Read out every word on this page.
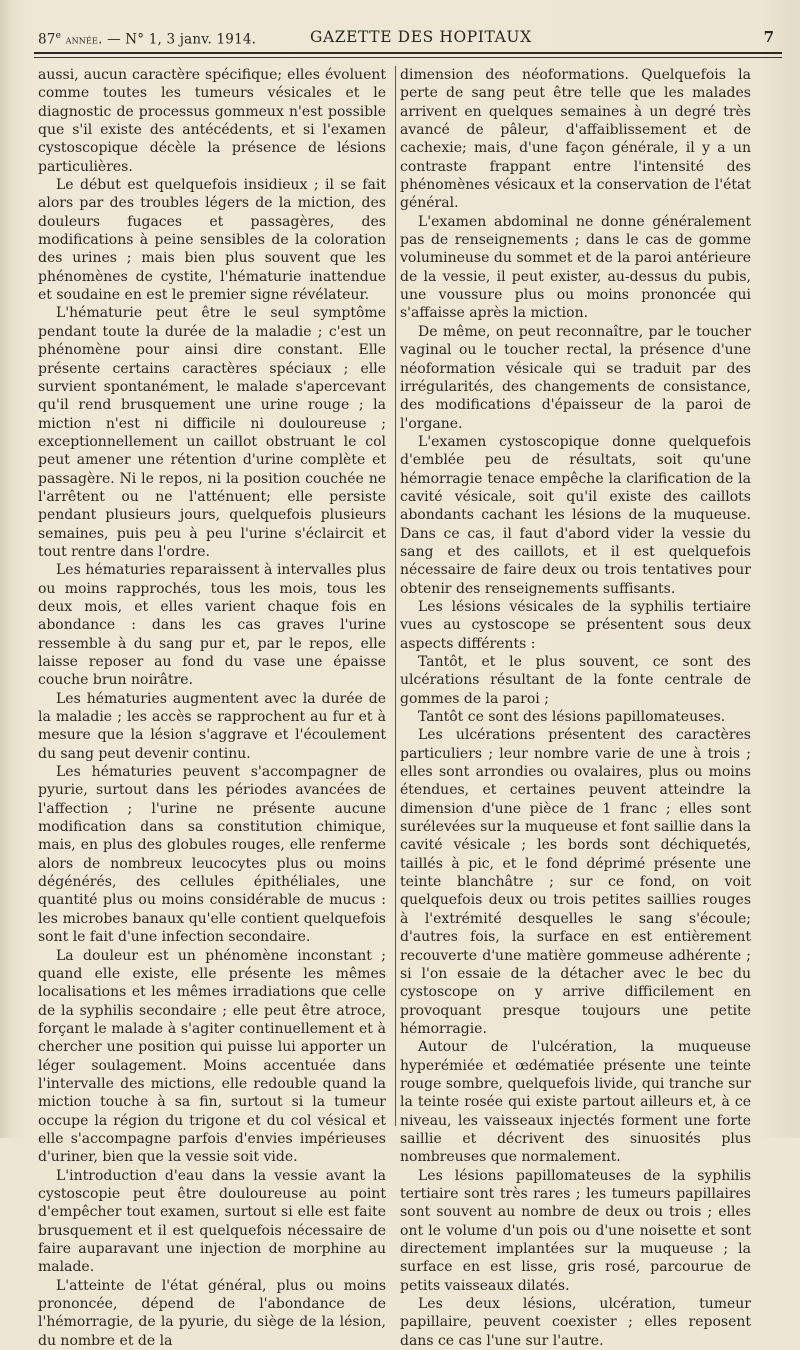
87e année. — N° 1, 3 janv. 1914.	GAZETTE DES HOPITAUX	7

aussi, aucun caractère spécifique; elles évoluent comme toutes les tumeurs vésicales et le diagnostic de processus gommeux n'est possible que s'il existe des antécédents, et si l'examen cystoscopique décèle la présence de lésions particulières.

Le début est quelquefois insidieux ; il se fait alors par des troubles légers de la miction, des douleurs fugaces et passagères, des modifications à peine sensibles de la coloration des urines ; mais bien plus souvent que les phénomènes de cystite, l'hématurie inattendue et soudaine en est le premier signe révélateur.

L'hématurie peut être le seul symptôme pendant toute la durée de la maladie ; c'est un phénomène pour ainsi dire constant. Elle présente certains caractères spéciaux ; elle survient spontanément, le malade s'apercevant qu'il rend brusquement une urine rouge ; la miction n'est ni difficile ni douloureuse ; exceptionnellement un caillot obstruant le col peut amener une rétention d'urine complète et passagère. Ni le repos, ni la position couchée ne l'arrêtent ou ne l'atténuent; elle persiste pendant plusieurs jours, quelquefois plusieurs semaines, puis peu à peu l'urine s'éclaircit et tout rentre dans l'ordre.

Les hématuries reparaissent à intervalles plus ou moins rapprochés, tous les mois, tous les deux mois, et elles varient chaque fois en abondance : dans les cas graves l'urine ressemble à du sang pur et, par le repos, elle laisse reposer au fond du vase une épaisse couche brun noirâtre.

Les hématuries augmentent avec la durée de la maladie ; les accès se rapprochent au fur et à mesure que la lésion s'aggrave et l'écoulement du sang peut devenir continu.

Les hématuries peuvent s'accompagner de pyurie, surtout dans les périodes avancées de l'affection ; l'urine ne présente aucune modification dans sa constitution chimique, mais, en plus des globules rouges, elle renferme alors de nombreux leucocytes plus ou moins dégénérés, des cellules épithéliales, une quantité plus ou moins considérable de mucus : les microbes banaux qu'elle contient quelquefois sont le fait d'une infection secondaire.

La douleur est un phénomène inconstant ; quand elle existe, elle présente les mêmes localisations et les mêmes irradiations que celle de la syphilis secondaire ; elle peut être atroce, forçant le malade à s'agiter continuellement et à chercher une position qui puisse lui apporter un léger soulagement. Moins accentuée dans l'intervalle des mictions, elle redouble quand la miction touche à sa fin, surtout si la tumeur occupe la région du trigone et du col vésical et elle s'accompagne parfois d'envies impérieuses d'uriner, bien que la vessie soit vide.

L'introduction d'eau dans la vessie avant la cystoscopie peut être douloureuse au point d'empêcher tout examen, surtout si elle est faite brusquement et il est quelquefois nécessaire de faire auparavant une injection de morphine au malade.

L'atteinte de l'état général, plus ou moins prononcée, dépend de l'abondance de l'hémorragie, de la pyurie, du siège de la lésion, du nombre et de la

dimension des néoformations. Quelquefois la perte de sang peut être telle que les malades arrivent en quelques semaines à un degré très avancé de pâleur, d'affaiblissement et de cachexie; mais, d'une façon générale, il y a un contraste frappant entre l'intensité des phénomènes vésicaux et la conservation de l'état général.

L'examen abdominal ne donne généralement pas de renseignements ; dans le cas de gomme volumineuse du sommet et de la paroi antérieure de la vessie, il peut exister, au-dessus du pubis, une voussure plus ou moins prononcée qui s'affaisse après la miction.

De même, on peut reconnaître, par le toucher vaginal ou le toucher rectal, la présence d'une néoformation vésicale qui se traduit par des irrégularités, des changements de consistance, des modifications d'épaisseur de la paroi de l'organe.

L'examen cystoscopique donne quelquefois d'emblée peu de résultats, soit qu'une hémorragie tenace empêche la clarification de la cavité vésicale, soit qu'il existe des caillots abondants cachant les lésions de la muqueuse. Dans ce cas, il faut d'abord vider la vessie du sang et des caillots, et il est quelquefois nécessaire de faire deux ou trois tentatives pour obtenir des renseignements suffisants.

Les lésions vésicales de la syphilis tertiaire vues au cystoscope se présentent sous deux aspects différents :

Tantôt, et le plus souvent, ce sont des ulcérations résultant de la fonte centrale de gommes de la paroi ;

Tantôt ce sont des lésions papillomateuses.

Les ulcérations présentent des caractères particuliers ; leur nombre varie de une à trois ; elles sont arrondies ou ovalaires, plus ou moins étendues, et certaines peuvent atteindre la dimension d'une pièce de 1 franc ; elles sont surélevées sur la muqueuse et font saillie dans la cavité vésicale ; les bords sont déchiquetés, taillés à pic, et le fond déprimé présente une teinte blanchâtre ; sur ce fond, on voit quelquefois deux ou trois petites saillies rouges à l'extrémité desquelles le sang s'écoule; d'autres fois, la surface en est entièrement recouverte d'une matière gommeuse adhérente ; si l'on essaie de la détacher avec le bec du cystoscope on y arrive difficilement en provoquant presque toujours une petite hémorragie.

Autour de l'ulcération, la muqueuse hyperémiée et œdématiée présente une teinte rouge sombre, quelquefois livide, qui tranche sur la teinte rosée qui existe partout ailleurs et, à ce niveau, les vaisseaux injectés forment une forte saillie et décrivent des sinuosités plus nombreuses que normalement.

Les lésions papillomateuses de la syphilis tertiaire sont très rares ; les tumeurs papillaires sont souvent au nombre de deux ou trois ; elles ont le volume d'un pois ou d'une noisette et sont directement implantées sur la muqueuse ; la surface en est lisse, gris rosé, parcourue de petits vaisseaux dilatés.

Les deux lésions, ulcération, tumeur papillaire, peuvent coexister ; elles reposent dans ce cas l'une sur l'autre.
